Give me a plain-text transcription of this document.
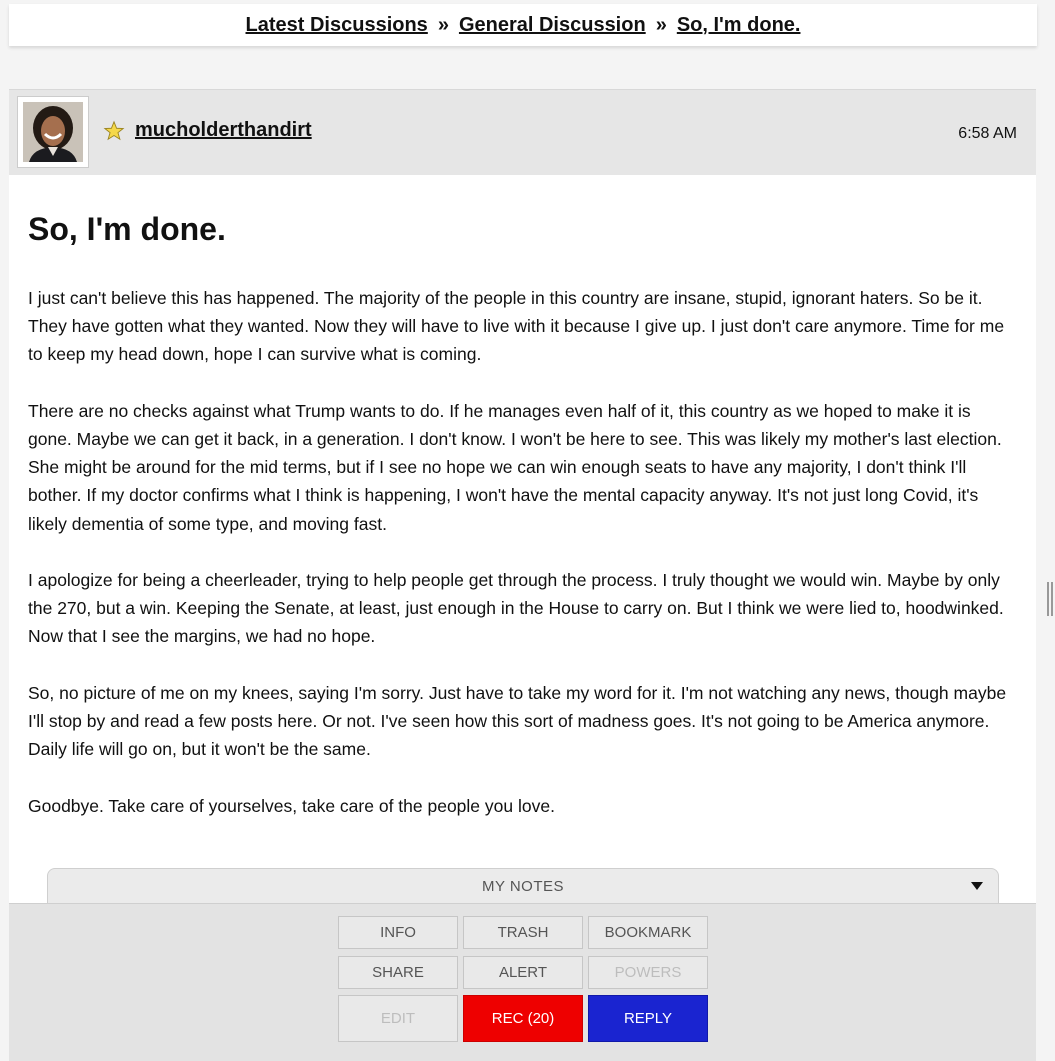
Latest Discussions » General Discussion » So, I'm done.
mucholderthandirt	6:58 AM
So, I'm done.

I just can't believe this has happened. The majority of the people in this country are insane, stupid, ignorant haters. So be it. They have gotten what they wanted. Now they will have to live with it because I give up. I just don't care anymore. Time for me to keep my head down, hope I can survive what is coming.

There are no checks against what Trump wants to do. If he manages even half of it, this country as we hoped to make it is gone. Maybe we can get it back, in a generation. I don't know. I won't be here to see. This was likely my mother's last election. She might be around for the mid terms, but if I see no hope we can win enough seats to have any majority, I don't think I'll bother. If my doctor confirms what I think is happening, I won't have the mental capacity anyway. It's not just long Covid, it's likely dementia of some type, and moving fast.

I apologize for being a cheerleader, trying to help people get through the process. I truly thought we would win. Maybe by only the 270, but a win. Keeping the Senate, at least, just enough in the House to carry on. But I think we were lied to, hoodwinked. Now that I see the margins, we had no hope.

So, no picture of me on my knees, saying I'm sorry. Just have to take my word for it. I'm not watching any news, though maybe I'll stop by and read a few posts here. Or not. I've seen how this sort of madness goes. It's not going to be America anymore. Daily life will go on, but it won't be the same.

Goodbye. Take care of yourselves, take care of the people you love.

MY NOTES
INFO	TRASH	BOOKMARK
SHARE	ALERT	POWERS
EDIT	REC (20)	REPLY
